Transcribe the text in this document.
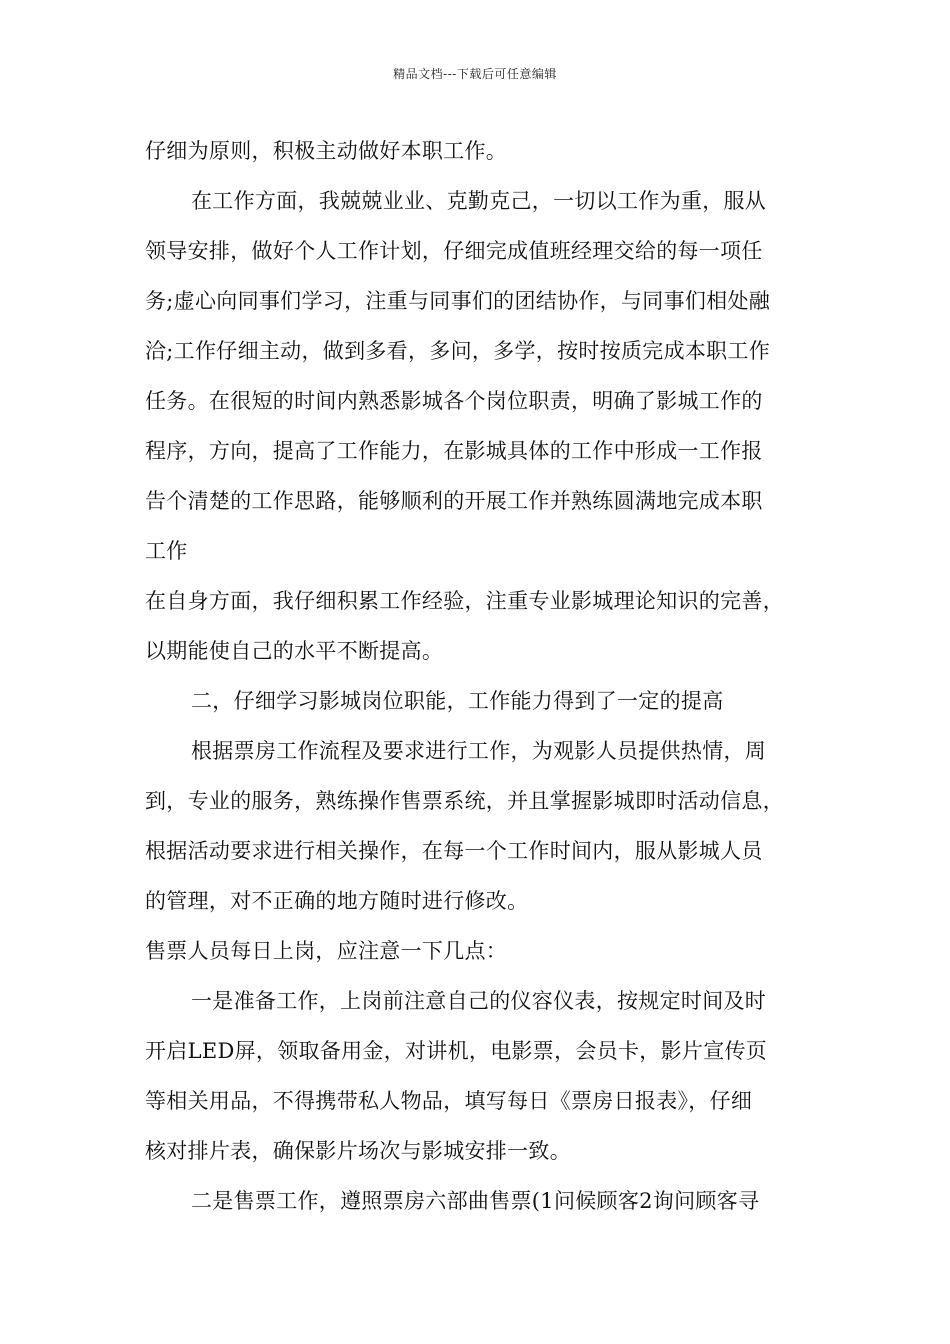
精品文档---下载后可任意编辑
仔细为原则，积极主动做好本职工作。
在工作方面，我兢兢业业、克勤克己，一切以工作为重，服从
领导安排，做好个人工作计划，仔细完成值班经理交给的每一项任
务;虚心向同事们学习，注重与同事们的团结协作，与同事们相处融
洽;工作仔细主动，做到多看，多问，多学，按时按质完成本职工作
任务。在很短的时间内熟悉影城各个岗位职责，明确了影城工作的
程序，方向，提高了工作能力，在影城具体的工作中形成一工作报
告个清楚的工作思路，能够顺利的开展工作并熟练圆满地完成本职
工作
在自身方面，我仔细积累工作经验，注重专业影城理论知识的完善，
以期能使自己的水平不断提高。
二，仔细学习影城岗位职能，工作能力得到了一定的提高
根据票房工作流程及要求进行工作，为观影人员提供热情，周
到，专业的服务，熟练操作售票系统，并且掌握影城即时活动信息，
根据活动要求进行相关操作，在每一个工作时间内，服从影城人员
的管理，对不正确的地方随时进行修改。
售票人员每日上岗，应注意一下几点：
一是准备工作，上岗前注意自己的仪容仪表，按规定时间及时
开启LED屏，领取备用金，对讲机，电影票，会员卡，影片宣传页
等相关用品，不得携带私人物品，填写每日《票房日报表》，仔细
核对排片表，确保影片场次与影城安排一致。
二是售票工作，遵照票房六部曲售票(1问候顾客2询问顾客寻
